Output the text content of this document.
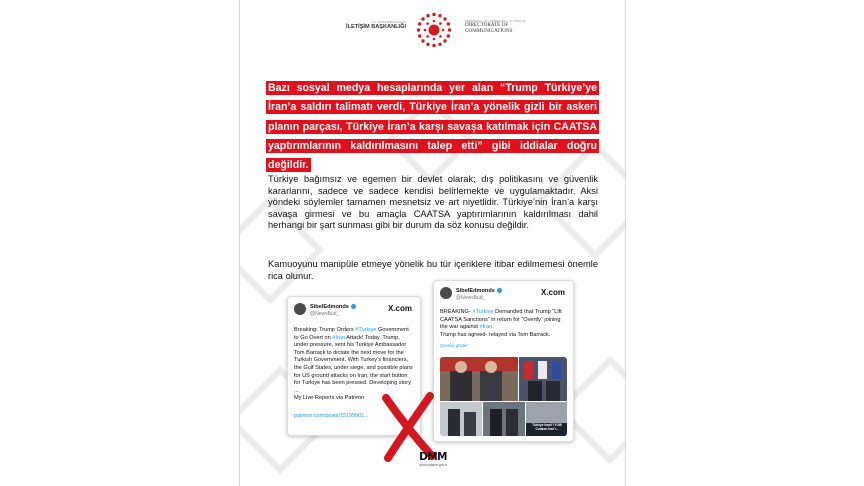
T.C. CUMHURBAŞKANLIĞI
İLETİŞİM BAŞKANLIĞI
PRESIDENCY OF THE REPUBLIC OF TÜRKİYE
DIRECTORATE OF
COMMUNICATIONS

Bazı sosyal medya hesaplarında yer alan “Trump Türkiye’ye İran’a saldırı talimatı verdi, Türkiye İran’a yönelik gizli bir askeri planın parçası, Türkiye İran’a karşı savaşa katılmak için CAATSA yaptırımlarının kaldırılmasını talep etti” gibi iddialar doğru değildir.

Türkiye bağımsız ve egemen bir devlet olarak; dış politikasını ve güvenlik kararlarını, sadece ve sadece kendisi belirlemekte ve uygulamaktadır. Aksi yöndeki söylemler tamamen mesnetsiz ve art niyetlidir. Türkiye’nin İran’a karşı savaşa girmesi ve bu amaçla CAATSA yaptırımlarının kaldırılması dahil herhangi bir şart sunması gibi bir durum da söz konusu değildir.

Kamuoyunu manipüle etmeye yönelik bu tür içeriklere itibar edilmemesi önemle rica olunur.

SibelEdmonds
@NewsBud_
X.com
Breaking: Trump Orders #Turkiye Government to Go Overt on #Iran Attack! Today, Trump, under pressure, sent his Turkiye Ambassador Tom Barrack to dictate the next move for the Turkish Government. With Turkey’s financiers, the Gulf States, under siege, and possible plans for US ground attacks on Iran, the start button for Turkiye has been pressed. Developing story ...
My Live Reports via Patreon
patreon.com/posts/15199902...
SibelEdmonds
@NewsBud_
X.com
BREAKING- #Turkiye Demanded that Trump “Lift CAATSA Sanctions” in return for “Overtly” joining the war against #Iran.
Trump has agreed- relayed via Tom Barrack.
Çeviriyi göster
Türkiye İsrail’i YÜW Cudson İran’ı...
DMM
dmm.iletisim.gov.tr
